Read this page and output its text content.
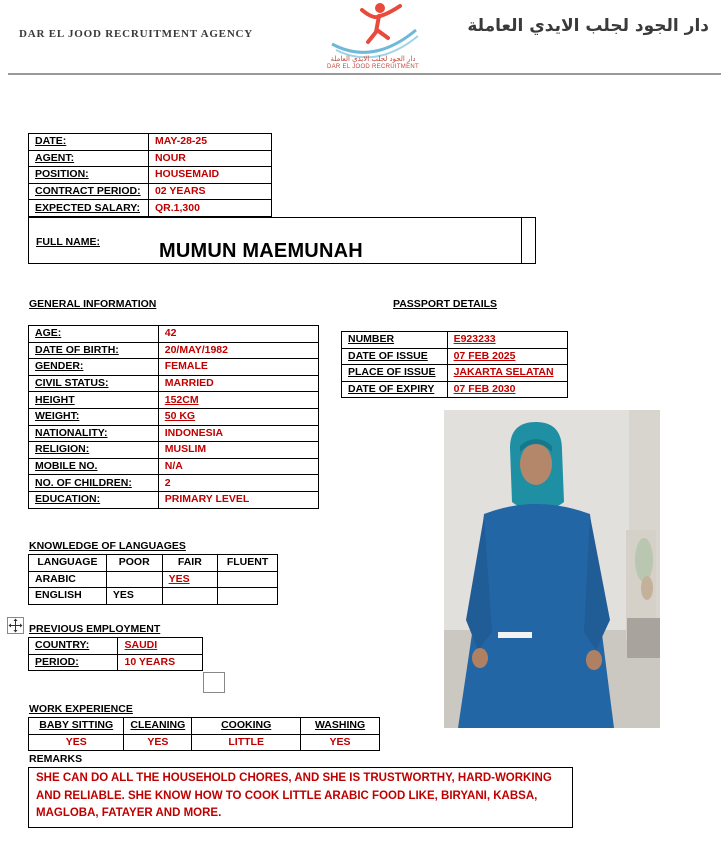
DAR EL JOOD RECRUITMENT AGENCY
دار الجود لجلب الايدي العاملة
DAR EL JOOD RECRUITMENT
دار الجود لجلب الايدي العاملة
DATE:	MAY-28-25
AGENT:	NOUR
POSITION:	HOUSEMAID
CONTRACT PERIOD:	02 YEARS
EXPECTED SALARY:	QR.1,300
FULL NAME:	MUMUN MAEMUNAH
GENERAL INFORMATION
AGE:	42
DATE OF BIRTH:	20/MAY/1982
GENDER:	FEMALE
CIVIL STATUS:	MARRIED
HEIGHT	152CM
WEIGHT:	50 KG
NATIONALITY:	INDONESIA
RELIGION:	MUSLIM
MOBILE NO.	N/A
NO. OF CHILDREN:	2
EDUCATION:	PRIMARY LEVEL
PASSPORT DETAILS
NUMBER	E923233
DATE OF ISSUE	07 FEB 2025
PLACE OF ISSUE	JAKARTA SELATAN
DATE OF EXPIRY	07 FEB 2030
KNOWLEDGE OF LANGUAGES
LANGUAGE	POOR	FAIR	FLUENT
ARABIC		YES	
ENGLISH	YES		
PREVIOUS EMPLOYMENT
COUNTRY:	SAUDI
PERIOD:	10 YEARS
WORK EXPERIENCE
BABY SITTING	CLEANING	COOKING	WASHING
YES	YES	LITTLE	YES
REMARKS
SHE CAN DO ALL THE HOUSEHOLD CHORES, AND SHE IS TRUSTWORTHY, HARD-WORKING AND RELIABLE. SHE KNOW HOW TO COOK LITTLE ARABIC FOOD LIKE, BIRYANI, KABSA, MAGLOBA, FATAYER AND MORE.
